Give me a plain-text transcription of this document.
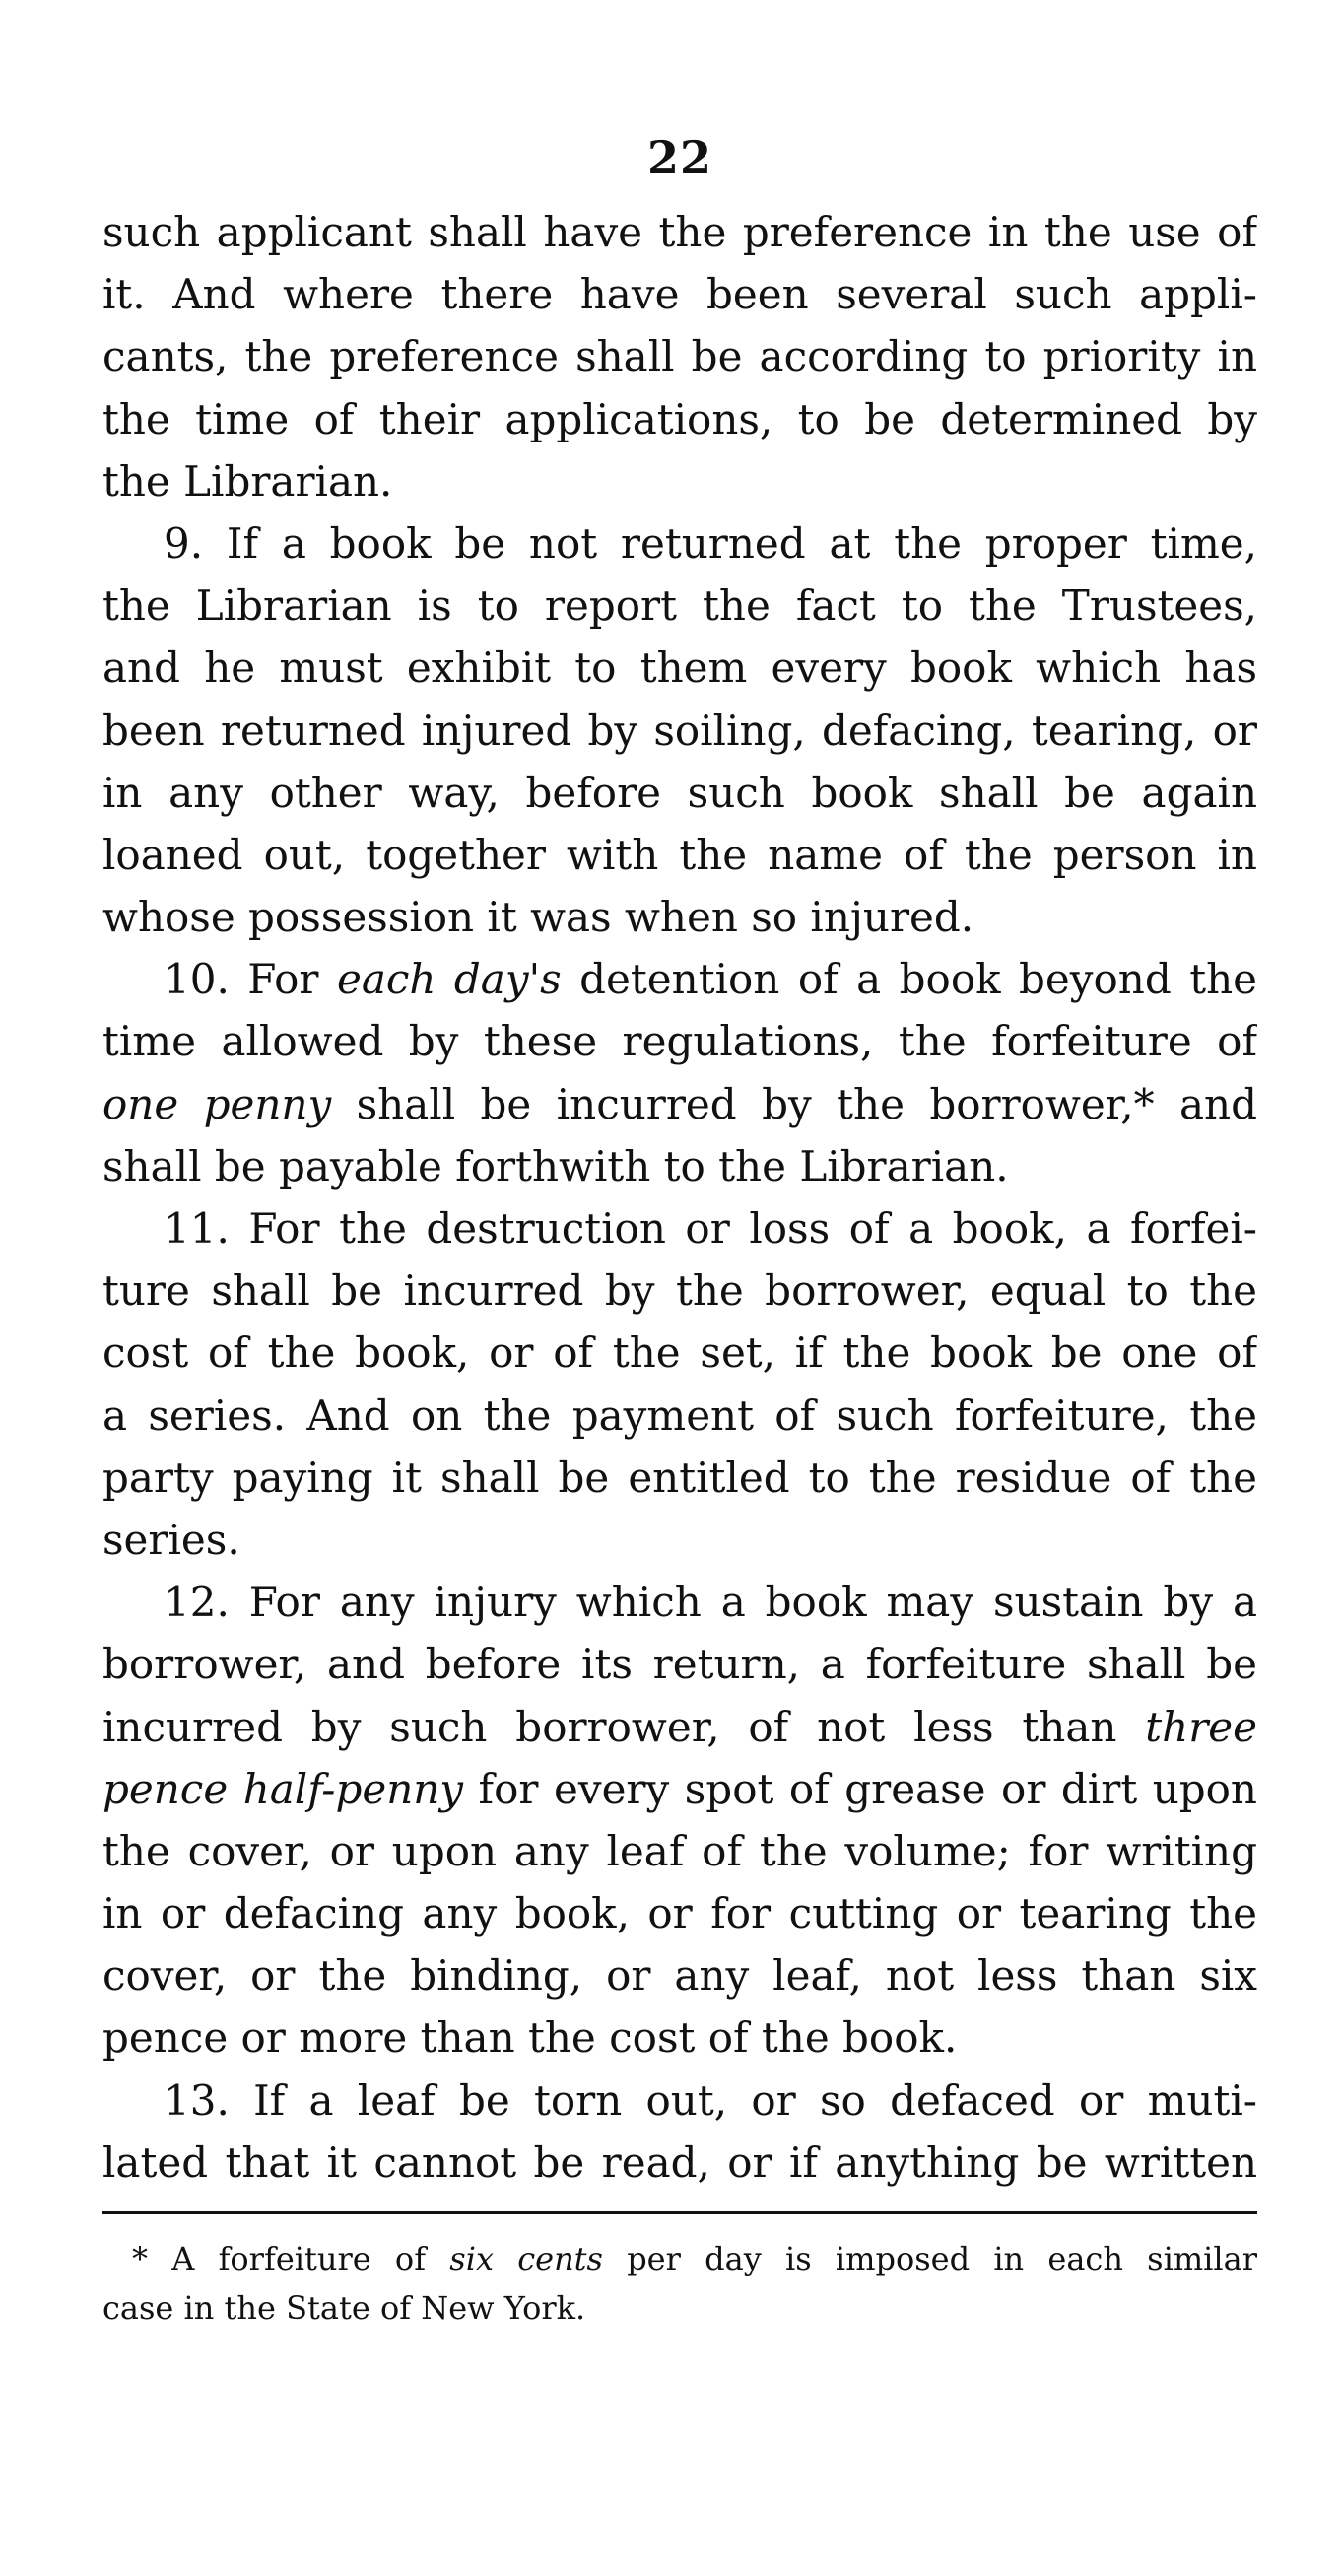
22
such applicant shall have the preference in the use of
it. And where there have been several such appli-
cants, the preference shall be according to priority in
the time of their applications, to be determined by
the Librarian.
9. If a book be not returned at the proper time,
the Librarian is to report the fact to the Trustees,
and he must exhibit to them every book which has
been returned injured by soiling, defacing, tearing, or
in any other way, before such book shall be again
loaned out, together with the name of the person in
whose possession it was when so injured.
10. For each day's detention of a book beyond the
time allowed by these regulations, the forfeiture of
one penny shall be incurred by the borrower,* and
shall be payable forthwith to the Librarian.
11. For the destruction or loss of a book, a forfei-
ture shall be incurred by the borrower, equal to the
cost of the book, or of the set, if the book be one of
a series. And on the payment of such forfeiture, the
party paying it shall be entitled to the residue of the
series.
12. For any injury which a book may sustain by a
borrower, and before its return, a forfeiture shall be
incurred by such borrower, of not less than three
pence half-penny for every spot of grease or dirt upon
the cover, or upon any leaf of the volume; for writing
in or defacing any book, or for cutting or tearing the
cover, or the binding, or any leaf, not less than six
pence or more than the cost of the book.
13. If a leaf be torn out, or so defaced or muti-
lated that it cannot be read, or if anything be written
* A forfeiture of six cents per day is imposed in each similar
case in the State of New York.
